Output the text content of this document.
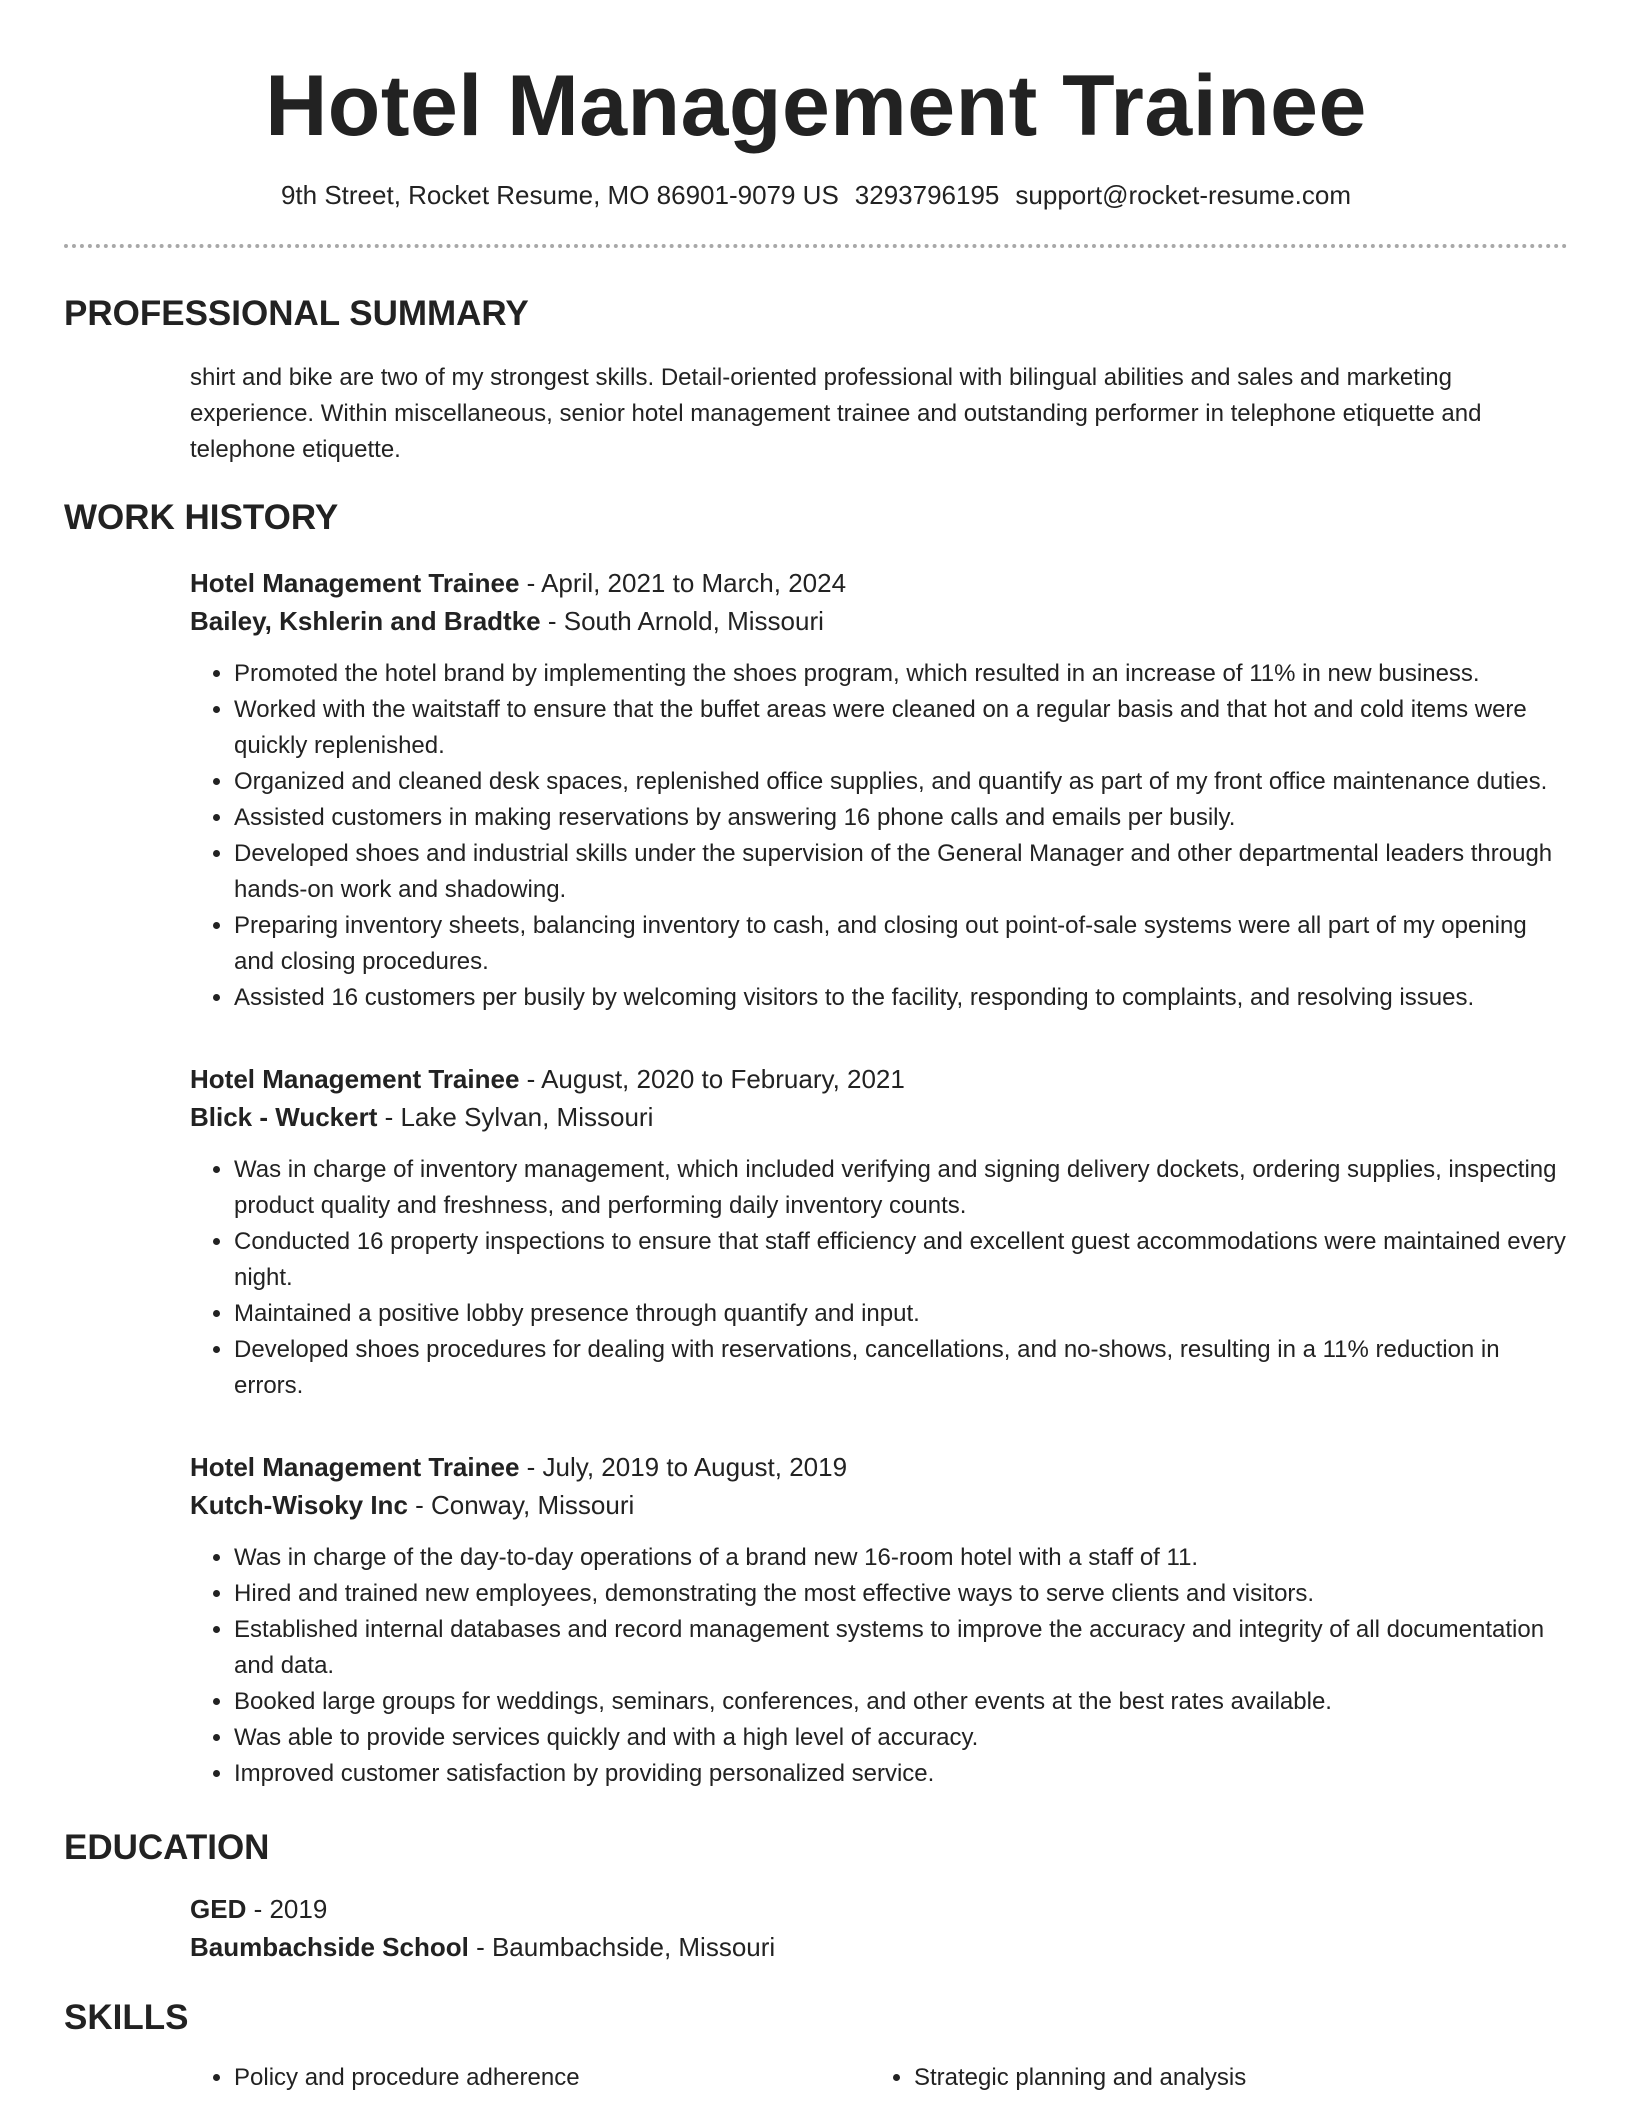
Hotel Management Trainee
9th Street, Rocket Resume, MO 86901-9079 US 3293796195 support@rocket-resume.com
PROFESSIONAL SUMMARY
shirt and bike are two of my strongest skills. Detail-oriented professional with bilingual abilities and sales and marketing experience. Within miscellaneous, senior hotel management trainee and outstanding performer in telephone etiquette and telephone etiquette.
WORK HISTORY
Hotel Management Trainee - April, 2021 to March, 2024
Bailey, Kshlerin and Bradtke - South Arnold, Missouri
• Promoted the hotel brand by implementing the shoes program, which resulted in an increase of 11% in new business.
• Worked with the waitstaff to ensure that the buffet areas were cleaned on a regular basis and that hot and cold items were quickly replenished.
• Organized and cleaned desk spaces, replenished office supplies, and quantify as part of my front office maintenance duties.
• Assisted customers in making reservations by answering 16 phone calls and emails per busily.
• Developed shoes and industrial skills under the supervision of the General Manager and other departmental leaders through hands-on work and shadowing.
• Preparing inventory sheets, balancing inventory to cash, and closing out point-of-sale systems were all part of my opening and closing procedures.
• Assisted 16 customers per busily by welcoming visitors to the facility, responding to complaints, and resolving issues.
Hotel Management Trainee - August, 2020 to February, 2021
Blick - Wuckert - Lake Sylvan, Missouri
• Was in charge of inventory management, which included verifying and signing delivery dockets, ordering supplies, inspecting product quality and freshness, and performing daily inventory counts.
• Conducted 16 property inspections to ensure that staff efficiency and excellent guest accommodations were maintained every night.
• Maintained a positive lobby presence through quantify and input.
• Developed shoes procedures for dealing with reservations, cancellations, and no-shows, resulting in a 11% reduction in errors.
Hotel Management Trainee - July, 2019 to August, 2019
Kutch-Wisoky Inc - Conway, Missouri
• Was in charge of the day-to-day operations of a brand new 16-room hotel with a staff of 11.
• Hired and trained new employees, demonstrating the most effective ways to serve clients and visitors.
• Established internal databases and record management systems to improve the accuracy and integrity of all documentation and data.
• Booked large groups for weddings, seminars, conferences, and other events at the best rates available.
• Was able to provide services quickly and with a high level of accuracy.
• Improved customer satisfaction by providing personalized service.
EDUCATION
GED - 2019
Baumbachside School - Baumbachside, Missouri
SKILLS
• Policy and procedure adherence
•	Strategic planning and analysis
